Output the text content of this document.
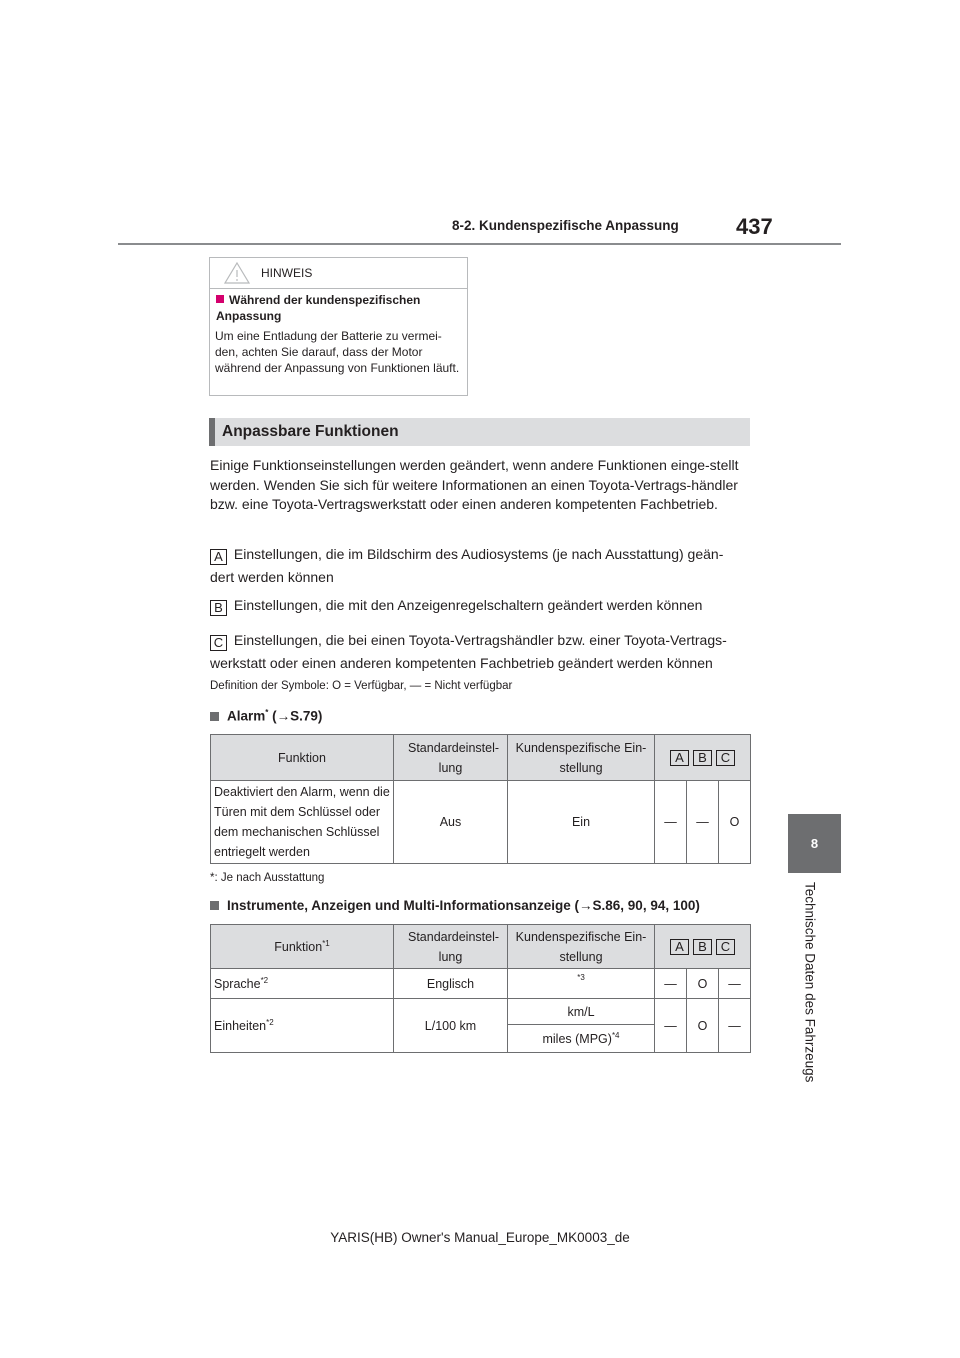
8-2. Kundenspezifische Anpassung	437
8
Technische Daten des Fahrzeugs
HINWEIS
Während der kundenspezifischen Anpassung
Um eine Entladung der Batterie zu vermei-den, achten Sie darauf, dass der Motor während der Anpassung von Funktionen läuft.
Anpassbare Funktionen
Einige Funktionseinstellungen werden geändert, wenn andere Funktionen einge-stellt werden. Wenden Sie sich für weitere Informationen an einen Toyota-Vertrags-händler bzw. eine Toyota-Vertragswerkstatt oder einen anderen kompetenten Fachbetrieb.
A Einstellungen, die im Bildschirm des Audiosystems (je nach Ausstattung) geän-
dert werden können
B Einstellungen, die mit den Anzeigenregelschaltern geändert werden können
C Einstellungen, die bei einen Toyota-Vertragshändler bzw. einer Toyota-Vertrags-
werkstatt oder einen anderen kompetenten Fachbetrieb geändert werden können
Definition der Symbole: O = Verfügbar, — = Nicht verfügbar
Alarm* (→S.79)
Funktion	Standardeinstel-lung	Kundenspezifische Ein-stellung	A B C		
Deaktiviert den Alarm, wenn die Türen mit dem Schlüssel oder dem mechanischen Schlüssel entriegelt werden	Aus	Ein	—	—	O
*: Je nach Ausstattung
Instrumente, Anzeigen und Multi-Informationsanzeige (→S.86, 90, 94, 100)
Funktion$^{*1}$	Standardeinstel-lung	Kundenspezifische Ein-stellung	A B C		
Sprache$^{*2}$	Englisch	$^{*3}$	—	O	—
Einheiten$^{*2}$	L/100 km	km/L	—	O	—
		miles (MPG)$^{*4}$
YARIS(HB) Owner's Manual_Europe_MK0003_de
